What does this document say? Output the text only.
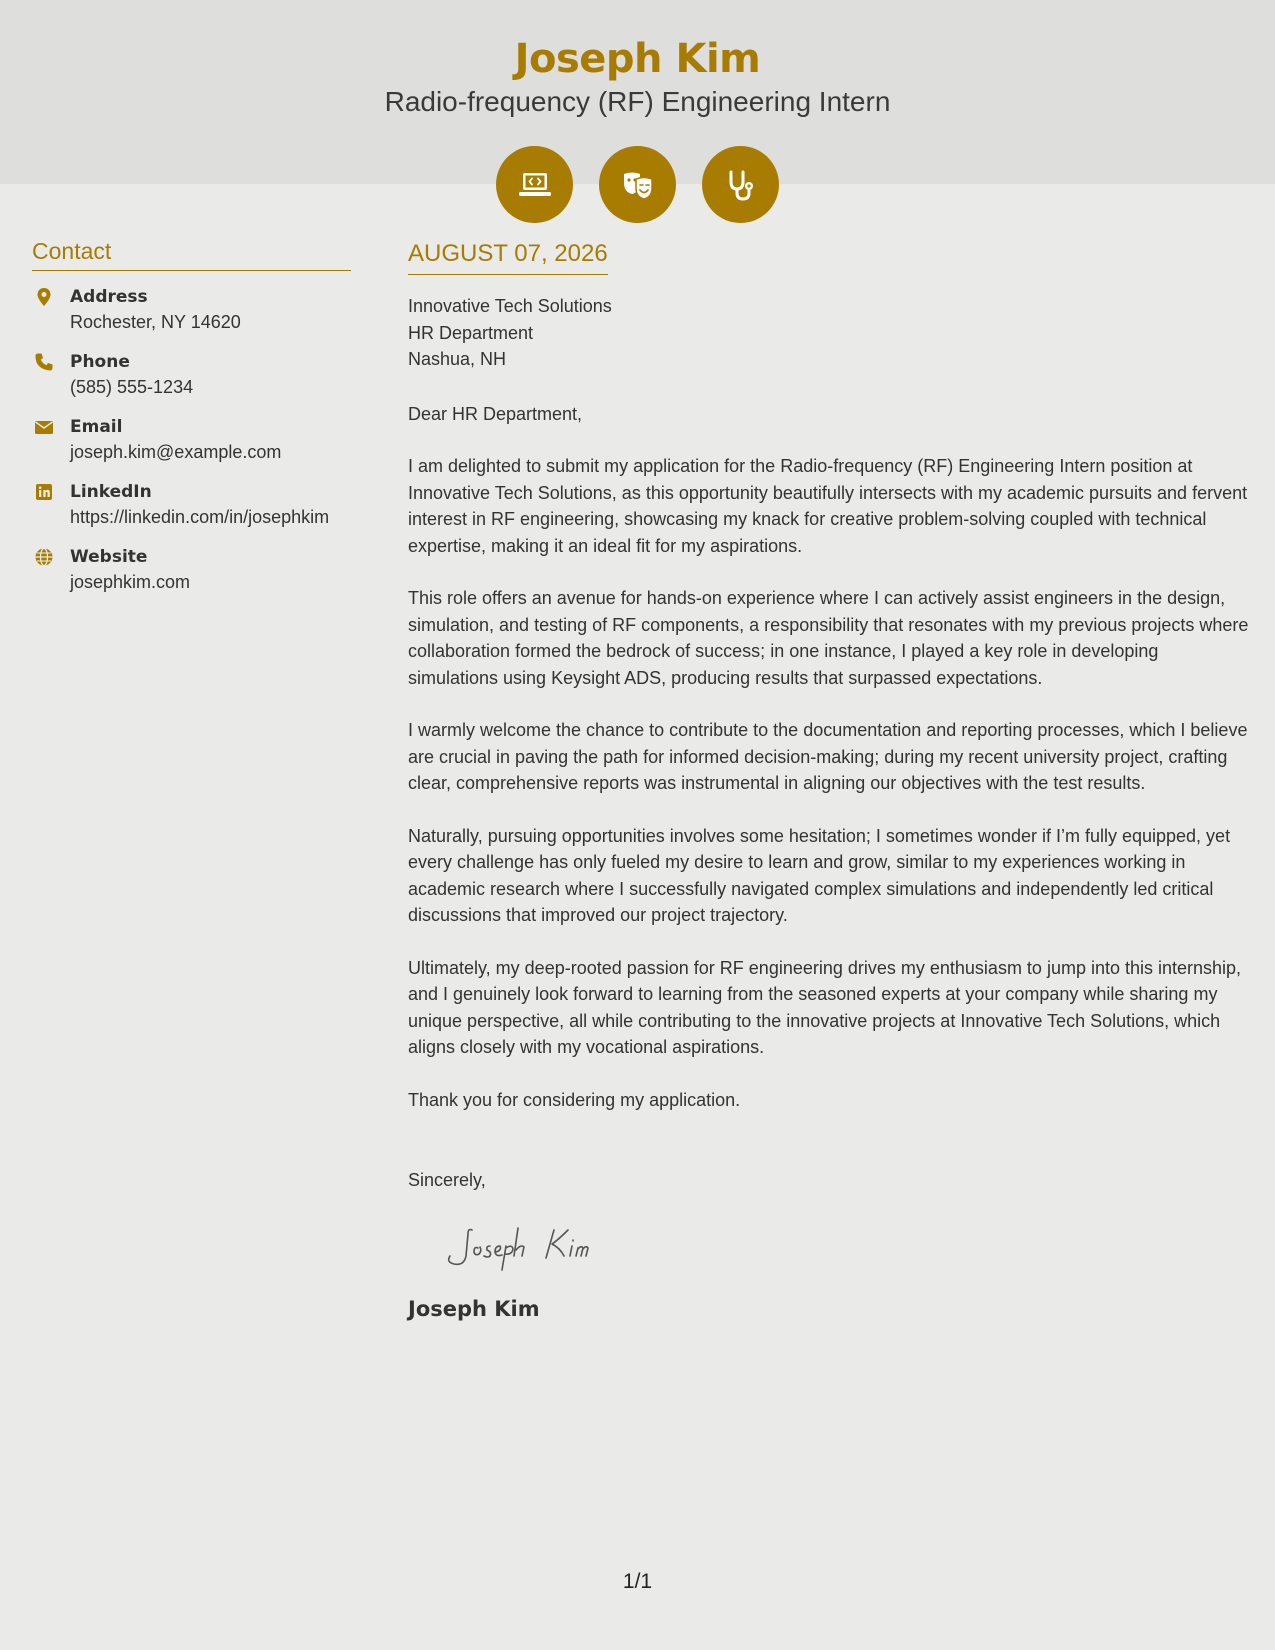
Joseph Kim
Radio-frequency (RF) Engineering Intern
Contact
Address
Rochester, NY 14620
Phone
(585) 555-1234
Email
joseph.kim@example.com
LinkedIn
https://linkedin.com/in/josephkim
Website
josephkim.com
AUGUST 07, 2026
Innovative Tech Solutions
HR Department
Nashua, NH
Dear HR Department,
I am delighted to submit my application for the Radio-frequency (RF) Engineering Intern position at Innovative Tech Solutions, as this opportunity beautifully intersects with my academic pursuits and fervent interest in RF engineering, showcasing my knack for creative problem-solving coupled with technical expertise, making it an ideal fit for my aspirations.
This role offers an avenue for hands-on experience where I can actively assist engineers in the design, simulation, and testing of RF components, a responsibility that resonates with my previous projects where collaboration formed the bedrock of success; in one instance, I played a key role in developing simulations using Keysight ADS, producing results that surpassed expectations.
I warmly welcome the chance to contribute to the documentation and reporting processes, which I believe are crucial in paving the path for informed decision-making; during my recent university project, crafting clear, comprehensive reports was instrumental in aligning our objectives with the test results.
Naturally, pursuing opportunities involves some hesitation; I sometimes wonder if I’m fully equipped, yet every challenge has only fueled my desire to learn and grow, similar to my experiences working in academic research where I successfully navigated complex simulations and independently led critical discussions that improved our project trajectory.
Ultimately, my deep-rooted passion for RF engineering drives my enthusiasm to jump into this internship, and I genuinely look forward to learning from the seasoned experts at your company while sharing my unique perspective, all while contributing to the innovative projects at Innovative Tech Solutions, which aligns closely with my vocational aspirations.
Thank you for considering my application.
Sincerely,
Joseph Kim
1/1
